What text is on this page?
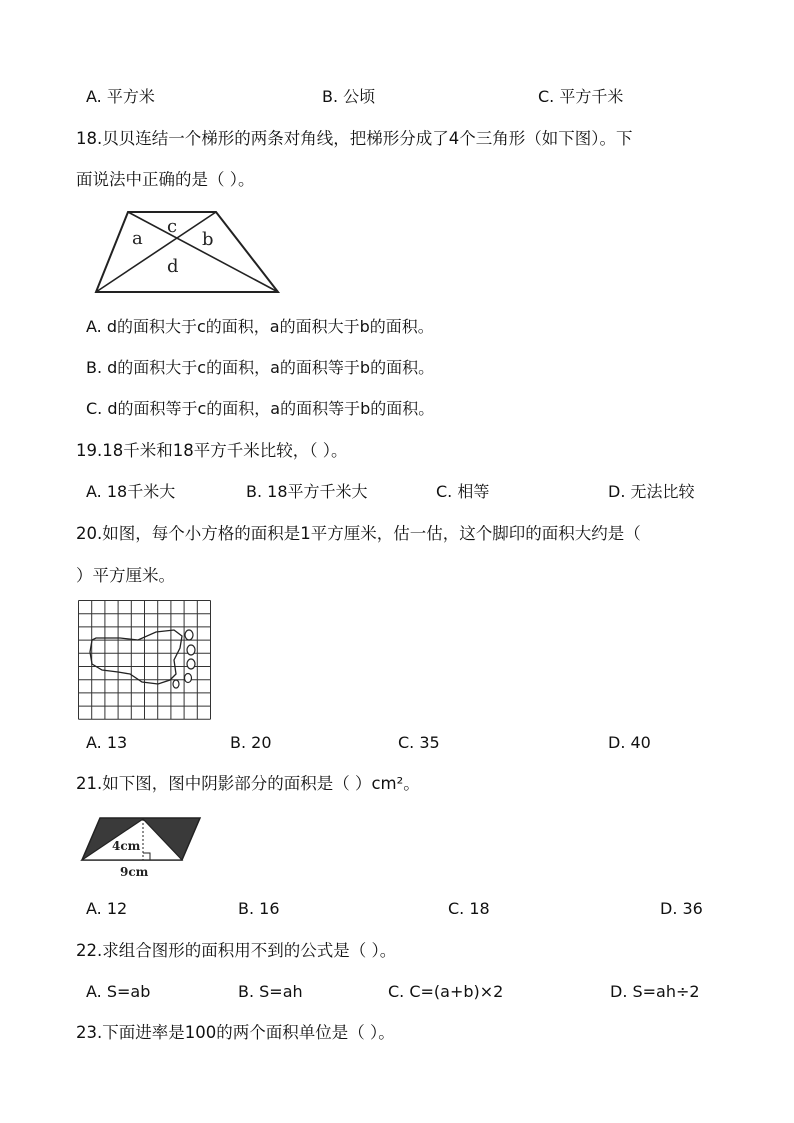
A. 平方米	B. 公顷	C. 平方千米
18.贝贝连结一个梯形的两条对角线，把梯形分成了4个三角形（如下图）。下
面说法中正确的是（ ）。
c
a	b
d
A. d的面积大于c的面积，a的面积大于b的面积。
B. d的面积大于c的面积，a的面积等于b的面积。
C. d的面积等于c的面积，a的面积等于b的面积。
19.18千米和18平方千米比较，（ ）。
A. 18千米大	B. 18平方千米大	C. 相等	D. 无法比较
20.如图，每个小方格的面积是1平方厘米，估一估，这个脚印的面积大约是（
）平方厘米。
A. 13	B. 20	C. 35	D. 40
21.如下图，图中阴影部分的面积是（ ）cm²。
4cm
9cm
A. 12	B. 16	C. 18	D. 36
22.求组合图形的面积用不到的公式是（ ）。
A. S=ab	B. S=ah	C. C=(a+b)×2	D. S=ah÷2
23.下面进率是100的两个面积单位是（ ）。
